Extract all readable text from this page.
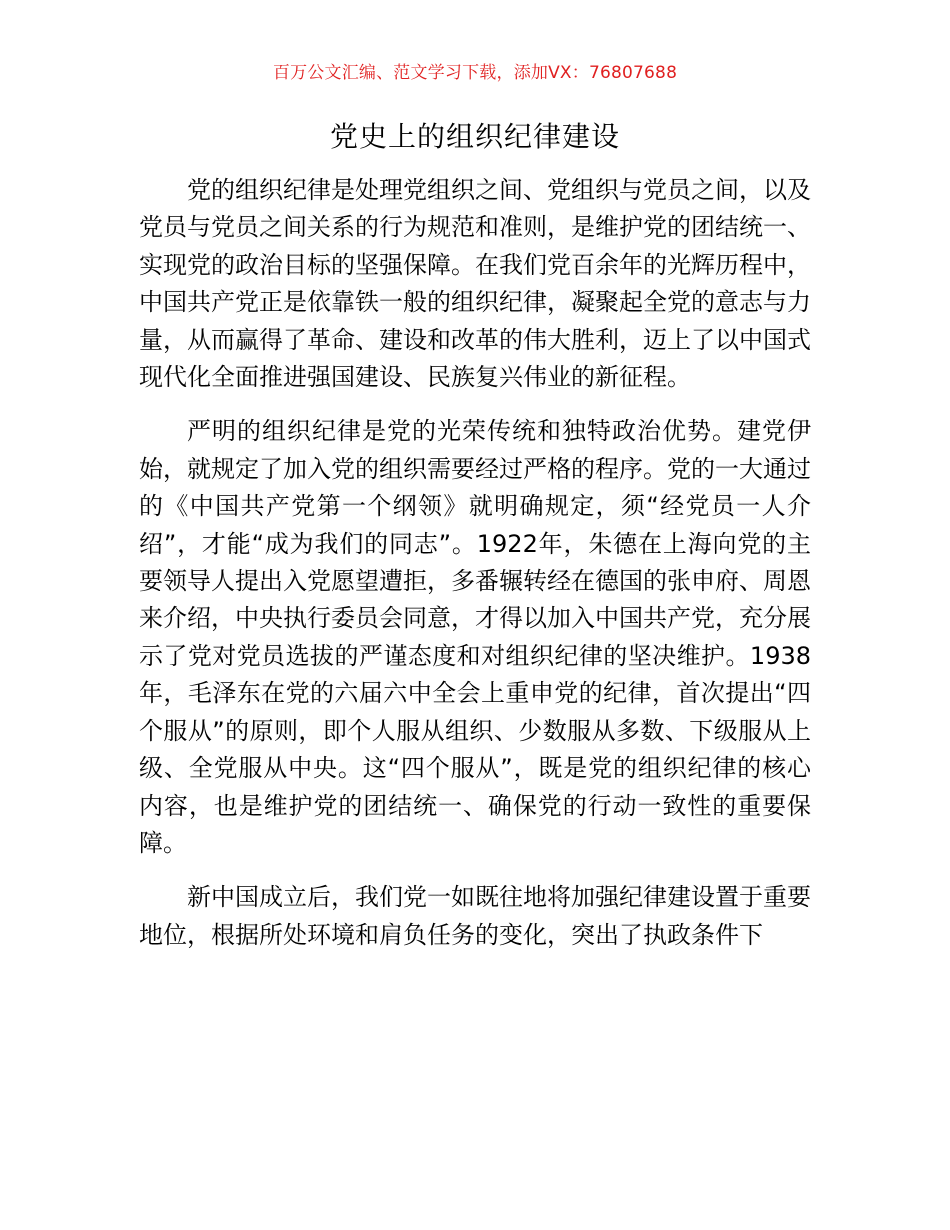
百万公文汇编、范文学习下载，添加VX：76807688
党史上的组织纪律建设

党的组织纪律是处理党组织之间、党组织与党员之间，以及党员与党员之间关系的行为规范和准则，是维护党的团结统一、实现党的政治目标的坚强保障。在我们党百余年的光辉历程中，中国共产党正是依靠铁一般的组织纪律，凝聚起全党的意志与力量，从而赢得了革命、建设和改革的伟大胜利，迈上了以中国式现代化全面推进强国建设、民族复兴伟业的新征程。

严明的组织纪律是党的光荣传统和独特政治优势。建党伊始，就规定了加入党的组织需要经过严格的程序。党的一大通过的《中国共产党第一个纲领》就明确规定，须“经党员一人介绍”，才能“成为我们的同志”。1922年，朱德在上海向党的主要领导人提出入党愿望遭拒，多番辗转经在德国的张申府、周恩来介绍，中央执行委员会同意，才得以加入中国共产党，充分展示了党对党员选拔的严谨态度和对组织纪律的坚决维护。1938年，毛泽东在党的六届六中全会上重申党的纪律，首次提出“四个服从”的原则，即个人服从组织、少数服从多数、下级服从上级、全党服从中央。这“四个服从”，既是党的组织纪律的核心内容，也是维护党的团结统一、确保党的行动一致性的重要保障。

新中国成立后，我们党一如既往地将加强纪律建设置于重要地位，根据所处环境和肩负任务的变化，突出了执政条件下
